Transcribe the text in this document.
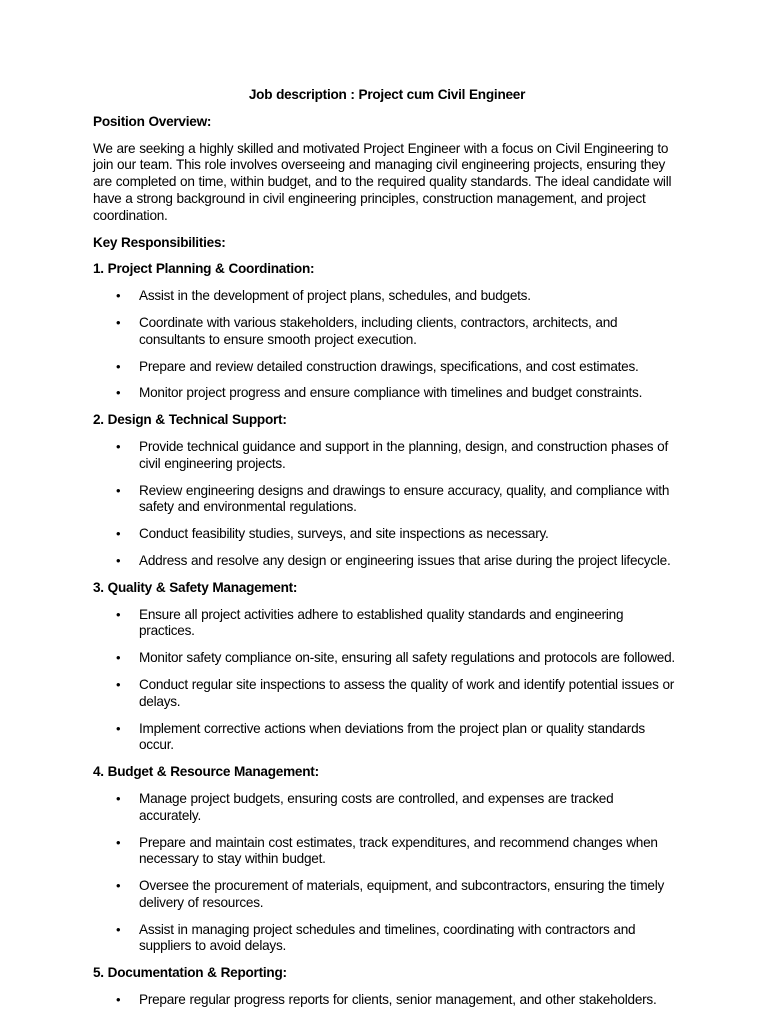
Job description : Project cum Civil Engineer
Position Overview:
We are seeking a highly skilled and motivated Project Engineer with a focus on Civil Engineering to join our team. This role involves overseeing and managing civil engineering projects, ensuring they are completed on time, within budget, and to the required quality standards. The ideal candidate will have a strong background in civil engineering principles, construction management, and project coordination.
Key Responsibilities:
1. Project Planning & Coordination:
• Assist in the development of project plans, schedules, and budgets.
• Coordinate with various stakeholders, including clients, contractors, architects, and consultants to ensure smooth project execution.
• Prepare and review detailed construction drawings, specifications, and cost estimates.
• Monitor project progress and ensure compliance with timelines and budget constraints.
2. Design & Technical Support:
• Provide technical guidance and support in the planning, design, and construction phases of civil engineering projects.
• Review engineering designs and drawings to ensure accuracy, quality, and compliance with safety and environmental regulations.
• Conduct feasibility studies, surveys, and site inspections as necessary.
• Address and resolve any design or engineering issues that arise during the project lifecycle.
3. Quality & Safety Management:
• Ensure all project activities adhere to established quality standards and engineering practices.
• Monitor safety compliance on-site, ensuring all safety regulations and protocols are followed.
• Conduct regular site inspections to assess the quality of work and identify potential issues or delays.
• Implement corrective actions when deviations from the project plan or quality standards occur.
4. Budget & Resource Management:
• Manage project budgets, ensuring costs are controlled, and expenses are tracked accurately.
• Prepare and maintain cost estimates, track expenditures, and recommend changes when necessary to stay within budget.
• Oversee the procurement of materials, equipment, and subcontractors, ensuring the timely delivery of resources.
• Assist in managing project schedules and timelines, coordinating with contractors and suppliers to avoid delays.
5. Documentation & Reporting:
• Prepare regular progress reports for clients, senior management, and other stakeholders.
